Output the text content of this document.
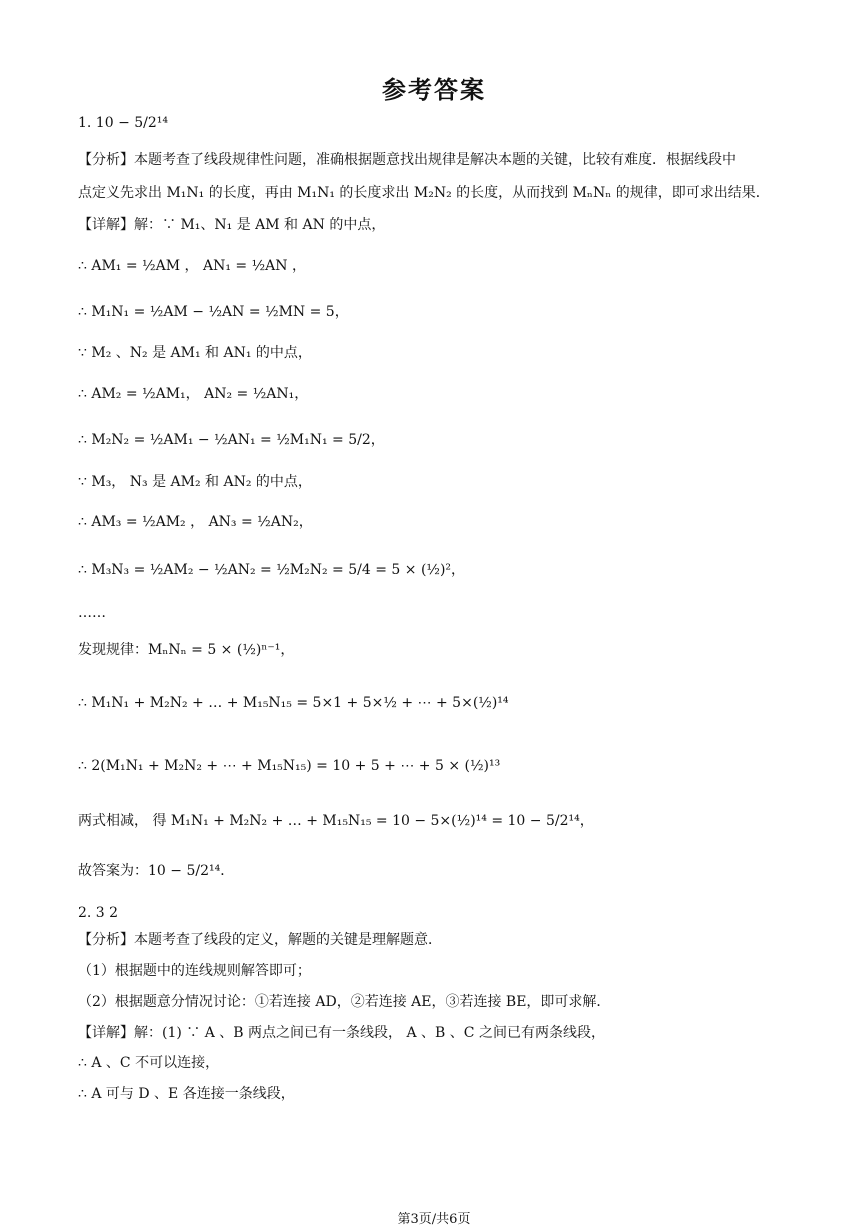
参考答案
1. 10 − 5/2¹⁴
【分析】本题考查了线段规律性问题，准确根据题意找出规律是解决本题的关键，比较有难度．根据线段中
点定义先求出 M₁N₁ 的长度，再由 M₁N₁ 的长度求出 M₂N₂ 的长度，从而找到 MₙNₙ 的规律，即可求出结果．
【详解】解：∵ M₁、N₁ 是 AM 和 AN 的中点，
∴ AM₁ = ½AM ， AN₁ = ½AN ，
∴ M₁N₁ = ½AM − ½AN = ½MN = 5，
∵ M₂ 、N₂ 是 AM₁ 和 AN₁ 的中点，
∴ AM₂ = ½AM₁， AN₂ = ½AN₁，
∴ M₂N₂ = ½AM₁ − ½AN₁ = ½M₁N₁ = 5/2，
∵ M₃， N₃ 是 AM₂ 和 AN₂ 的中点，
∴ AM₃ = ½AM₂ ， AN₃ = ½AN₂，
∴ M₃N₃ = ½AM₂ − ½AN₂ = ½M₂N₂ = 5/4 = 5 × (½)²，
……
发现规律：MₙNₙ = 5 × (½)ⁿ⁻¹，
∴ M₁N₁ + M₂N₂ + … + M₁₅N₁₅ = 5×1 + 5×½ + ⋯ + 5×(½)¹⁴
∴ 2(M₁N₁ + M₂N₂ + ⋯ + M₁₅N₁₅) = 10 + 5 + ⋯ + 5 × (½)¹³
两式相减， 得 M₁N₁ + M₂N₂ + … + M₁₅N₁₅ = 10 − 5×(½)¹⁴ = 10 − 5/2¹⁴，
故答案为：10 − 5/2¹⁴．
2. 3 2
【分析】本题考查了线段的定义，解题的关键是理解题意．
（1）根据题中的连线规则解答即可；
（2）根据题意分情况讨论：①若连接 AD，②若连接 AE，③若连接 BE，即可求解．
【详解】解：(1) ∵ A 、B 两点之间已有一条线段， A 、B 、C 之间已有两条线段，
∴ A 、C 不可以连接，
∴ A 可与 D 、E 各连接一条线段，
第3页/共6页
